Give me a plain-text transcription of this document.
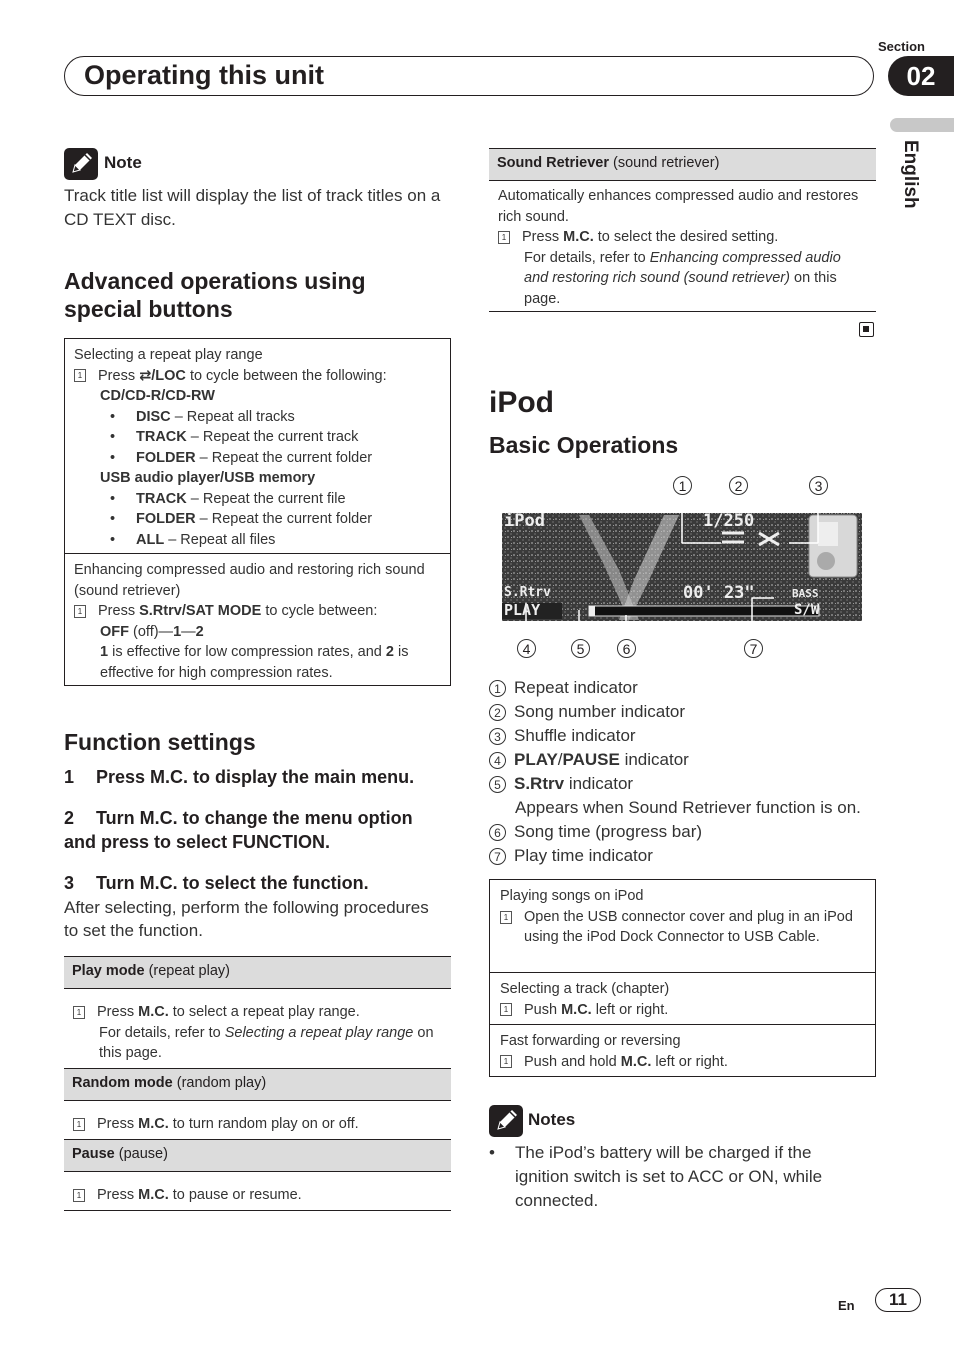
Section
Operating this unit	02
English
Note
Track title list will display the list of track titles on a CD TEXT disc.
Advanced operations using special buttons
Selecting a repeat play range
1 Press ⇄/LOC to cycle between the following:
CD/CD-R/CD-RW
• DISC – Repeat all tracks
• TRACK – Repeat the current track
• FOLDER – Repeat the current folder
USB audio player/USB memory
• TRACK – Repeat the current file
• FOLDER – Repeat the current folder
• ALL – Repeat all files
Enhancing compressed audio and restoring rich sound (sound retriever)
1 Press S.Rtrv/SAT MODE to cycle between:
OFF (off)—1—2
1 is effective for low compression rates, and 2 is effective for high compression rates.
Function settings
1 Press M.C. to display the main menu.
2 Turn M.C. to change the menu option and press to select FUNCTION.
3 Turn M.C. to select the function.
After selecting, perform the following procedures to set the function.
Play mode (repeat play)
1 Press M.C. to select a repeat play range.
For details, refer to Selecting a repeat play range on this page.
Random mode (random play)
1 Press M.C. to turn random play on or off.
Pause (pause)
1 Press M.C. to pause or resume.
Sound Retriever (sound retriever)
Automatically enhances compressed audio and restores rich sound.
1 Press M.C. to select the desired setting.
For details, refer to Enhancing compressed audio and restoring rich sound (sound retriever) on this page.
iPod
Basic Operations
iPod	1/250
S.Rtrv
PLAY
00' 23"	BASS
S/W
1	2	3
4	5	6	7
1 Repeat indicator
2 Song number indicator
3 Shuffle indicator
4 PLAY/PAUSE indicator
5 S.Rtrv indicator
Appears when Sound Retriever function is on.
6 Song time (progress bar)
7 Play time indicator
Playing songs on iPod
1 Open the USB connector cover and plug in an iPod using the iPod Dock Connector to USB Cable.
Selecting a track (chapter)
1 Push M.C. left or right.
Fast forwarding or reversing
1 Push and hold M.C. left or right.
Notes
•	The iPod’s battery will be charged if the ignition switch is set to ACC or ON, while connected.
En	11
